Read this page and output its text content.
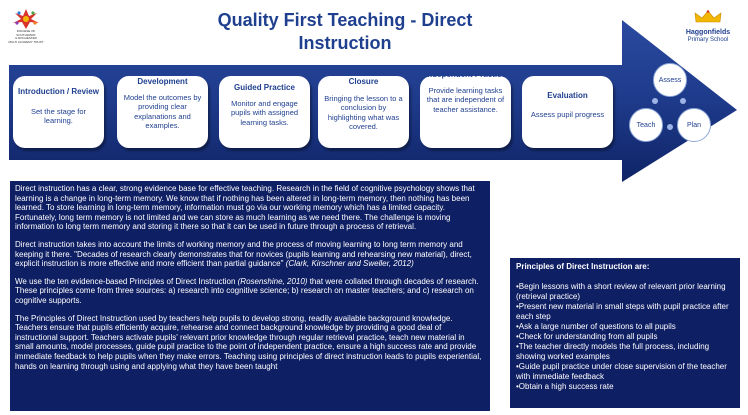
DIOCESE OF SOUTHWARK
& ROCHESTER
MULTI ACADEMY TRUST
Quality First Teaching - Direct Instruction
Haggonfields
Primary School
Introduction / Review
Set the stage for learning.
Development
Model the outcomes by providing clear explanations and examples.
Guided Practice
Monitor and engage pupils with assigned learning tasks.
Closure
Bringing the lesson to a conclusion by highlighting what was covered.
Independent Practice
Provide learning tasks that are independent of teacher assistance.
Evaluation
Assess pupil progress
Assess
Teach	Plan

Direct instruction has a clear, strong evidence base for effective teaching. Research in the field of cognitive psychology shows that learning is a change in long-term memory. We know that if nothing has been altered in long-term memory, then nothing has been learned. To store learning in long-term memory, information must go via our working memory which has a limited capacity. Fortunately, long term memory is not limited and we can store as much learning as we need there. The challenge is moving information to long term memory and storing it there so that it can be used in future through a process of retrieval.

Direct instruction takes into account the limits of working memory and the process of moving learning to long term memory and keeping it there. "Decades of research clearly demonstrates that for novices (pupils learning and rehearsing new material), direct, explicit instruction is more effective and more efficient than partial guidance" (Clark, Kirschner and Sweller, 2012)

We use the ten evidence-based Principles of Direct Instruction (Rosenshine, 2010) that were collated through decades of research. These principles come from three sources: a) research into cognitive science; b) research on master teachers; and c) research on cognitive supports.

The Principles of Direct Instruction used by teachers help pupils to develop strong, readily available background knowledge. Teachers ensure that pupils efficiently acquire, rehearse and connect background knowledge by providing a good deal of instructional support. Teachers activate pupils' relevant prior knowledge through regular retrieval practice, teach new material in small amounts, model processes, guide pupil practice to the point of independent practice, ensure a high success rate and provide immediate feedback to help pupils when they make errors. Teaching using principles of direct instruction leads to pupils experiential, hands on learning through using and applying what they have been taught

Principles of Direct Instruction are:
•Begin lessons with a short review of relevant prior learning (retrieval practice)
•Present new material in small steps with pupil practice after each step
•Ask a large number of questions to all pupils
•Check for understanding from all pupils
•The teacher directly models the full process, including showing worked examples
•Guide pupil practice under close supervision of the teacher with immediate feedback
•Obtain a high success rate
